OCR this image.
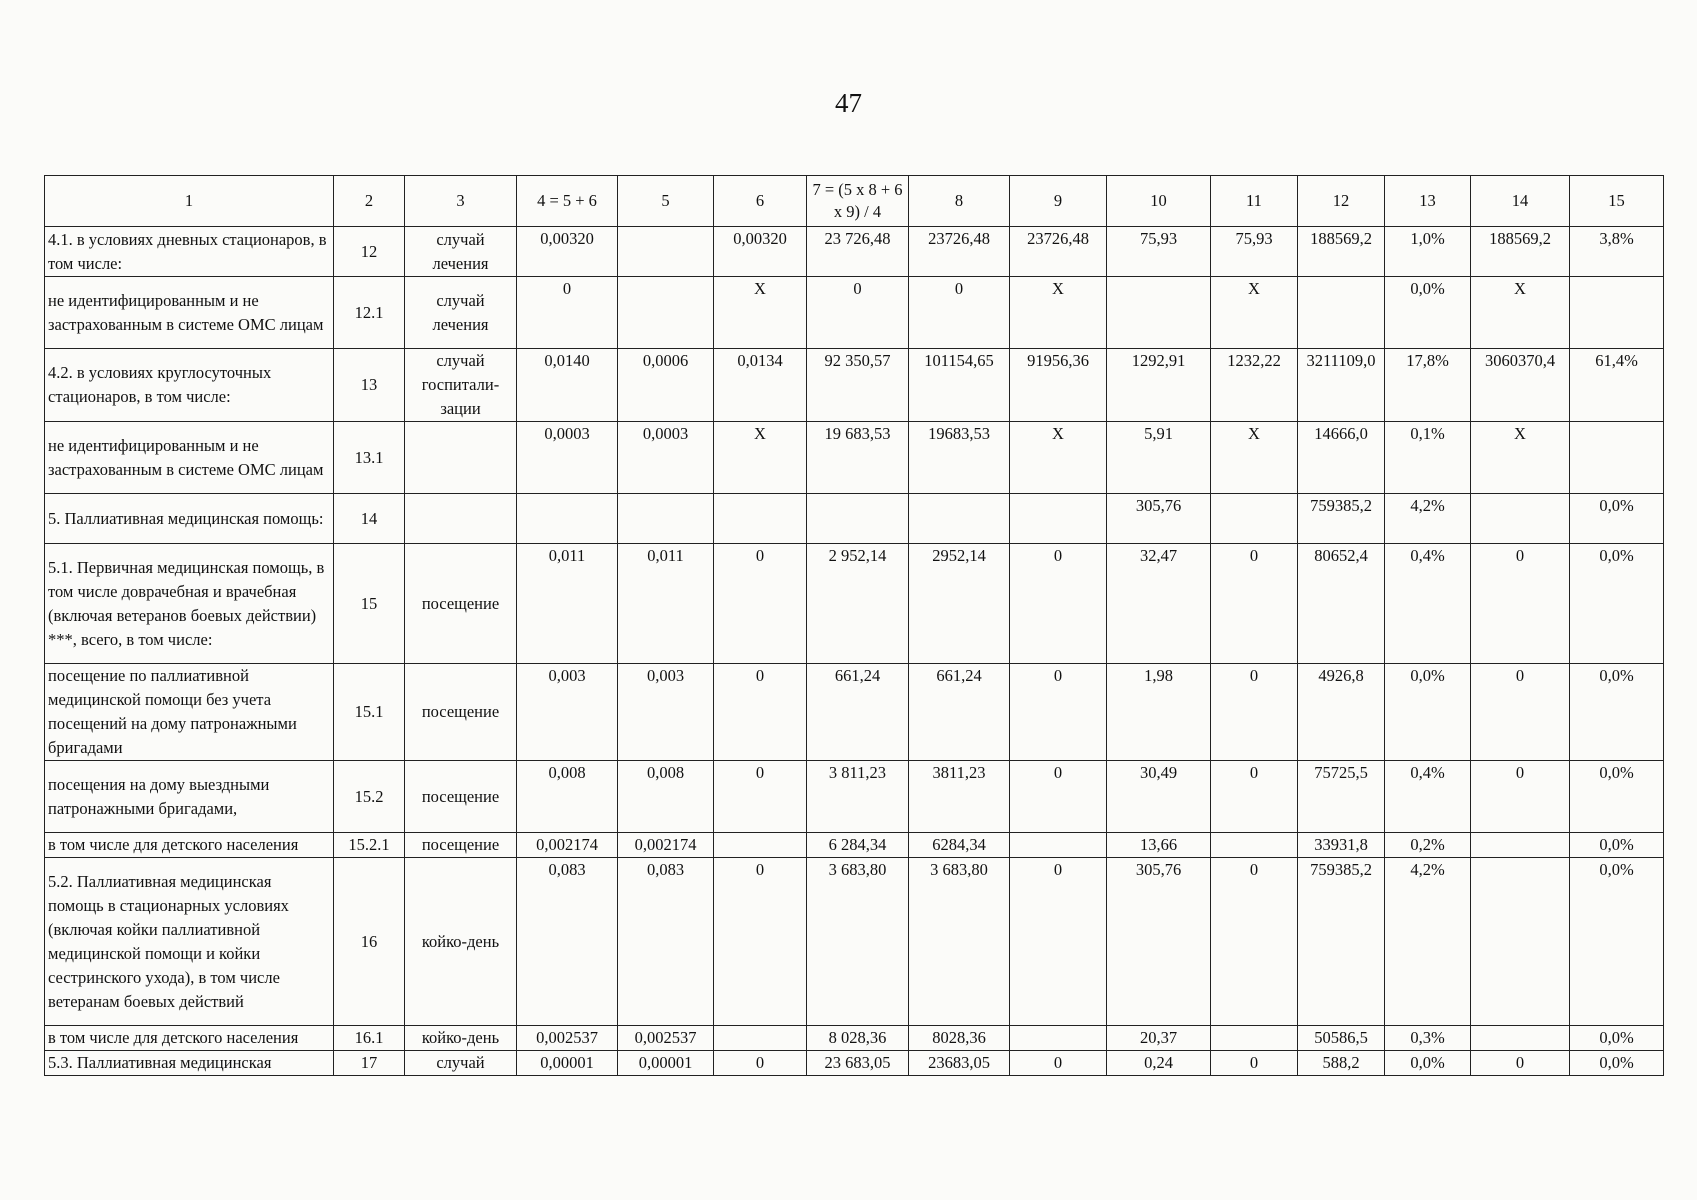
47
1	2	3	4 = 5 + 6	5	6	7 = (5 x 8 + 6 x 9) / 4	8	9	10	11	12	13	14	15
4.1. в условиях дневных стационаров, в том числе:	12	случай лечения	0,00320		0,00320	23 726,48	23726,48	23726,48	75,93	75,93	188569,2	1,0%	188569,2	3,8%
не идентифицированным и не застрахованным в системе ОМС лицам	12.1	случай лечения	0		X	0	0	X		X		0,0%	X	
4.2. в условиях круглосуточных стационаров, в том числе:	13	случай госпитали-зации	0,0140	0,0006	0,0134	92 350,57	101154,65	91956,36	1292,91	1232,22	3211109,0	17,8%	3060370,4	61,4%
не идентифицированным и не застрахованным в системе ОМС лицам	13.1		0,0003	0,0003	X	19 683,53	19683,53	X	5,91	X	14666,0	0,1%	X	
5. Паллиативная медицинская помощь:	14								305,76		759385,2	4,2%		0,0%
5.1. Первичная медицинская помощь, в том числе доврачебная и врачебная (включая ветеранов боевых действии) ***, всего, в том числе:	15	посещение	0,011	0,011	0	2 952,14	2952,14	0	32,47	0	80652,4	0,4%	0	0,0%
посещение по паллиативной медицинской помощи без учета посещений на дому патронажными бригадами	15.1	посещение	0,003	0,003	0	661,24	661,24	0	1,98	0	4926,8	0,0%	0	0,0%
посещения на дому выездными патронажными бригадами,	15.2	посещение	0,008	0,008	0	3 811,23	3811,23	0	30,49	0	75725,5	0,4%	0	0,0%
в том числе для детского населения	15.2.1	посещение	0,002174	0,002174		6 284,34	6284,34		13,66		33931,8	0,2%		0,0%
5.2. Паллиативная медицинская помощь в стационарных условиях (включая койки паллиативной медицинской помощи и койки сестринского ухода), в том числе ветеранам боевых действий	16	койко-день	0,083	0,083	0	3 683,80	3 683,80	0	305,76	0	759385,2	4,2%		0,0%
в том числе для детского населения	16.1	койко-день	0,002537	0,002537		8 028,36	8028,36		20,37		50586,5	0,3%		0,0%
5.3. Паллиативная медицинская	17	случай	0,00001	0,00001	0	23 683,05	23683,05	0	0,24	0	588,2	0,0%	0	0,0%
